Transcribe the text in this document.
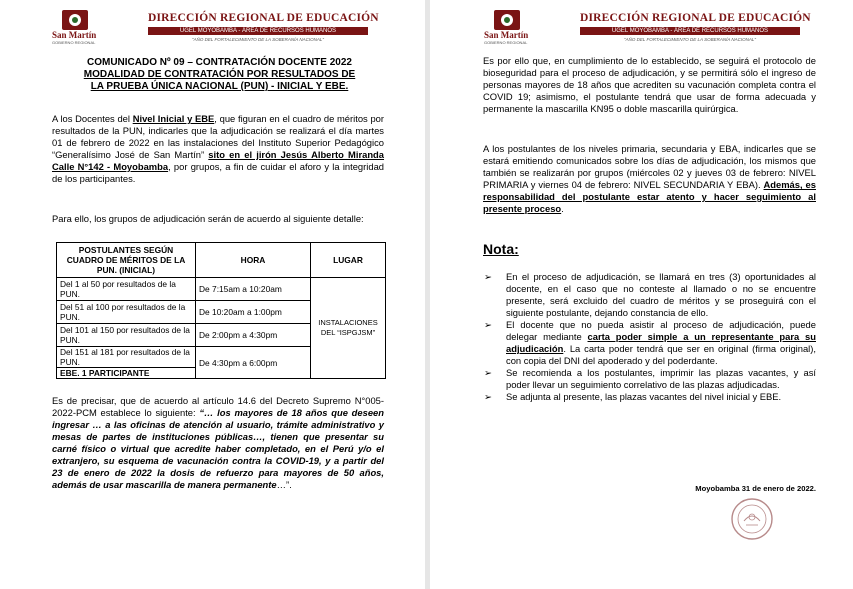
San Martín
GOBIERNO REGIONAL
DIRECCIÓN REGIONAL DE EDUCACIÓN
UGEL MOYOBAMBA - ÁREA DE RECURSOS HUMANOS
"AÑO DEL FORTALECIMIENTO DE LA SOBERANÍA NACIONAL"
COMUNICADO Nº 09 – CONTRATACIÓN DOCENTE 2022
MODALIDAD DE CONTRATACIÓN POR RESULTADOS DE
LA PRUEBA ÚNICA NACIONAL (PUN) - INICIAL Y EBE.

A los Docentes del Nivel Inicial y EBE, que figuran en el cuadro de méritos por resultados de la PUN, indicarles que la adjudicación se realizará el día martes 01 de febrero de 2022 en las instalaciones del Instituto Superior Pedagógico “Generalísimo José de San Martín” sito en el jirón Jesús Alberto Miranda Calle N°142 - Moyobamba, por grupos, a fin de cuidar el aforo y la integridad de los participantes.

Para ello, los grupos de adjudicación serán de acuerdo al siguiente detalle:

POSTULANTES SEGÚN CUADRO DE MÉRITOS DE LA PUN. (INICIAL)	HORA	LUGAR
Del 1 al 50 por resultados de la PUN.	De 7:15am a 10:20am	INSTALACIONES DEL “ISPGJSM”
Del 51 al 100 por resultados de la PUN.	De 10:20am a 1:00pm	
Del 101 al 150 por resultados de la PUN.	De 2:00pm a 4:30pm	
Del 151 al 181 por resultados de la PUN.	De 4:30pm a 6:00pm	
EBE. 1 PARTICIPANTE		

Es de precisar, que de acuerdo al artículo 14.6 del Decreto Supremo N°005-2022-PCM establece lo siguiente: “… los mayores de 18 años que deseen ingresar … a las oficinas de atención al usuario, trámite administrativo y mesas de partes de instituciones públicas…, tienen que presentar su carné físico o virtual que acredite haber completado, en el Perú y/o el extranjero, su esquema de vacunación contra la COVID-19, y a partir del 23 de enero de 2022 la dosis de refuerzo para mayores de 50 años, además de usar mascarilla de manera permanente…”.

San Martín
GOBIERNO REGIONAL
DIRECCIÓN REGIONAL DE EDUCACIÓN
UGEL MOYOBAMBA - ÁREA DE RECURSOS HUMANOS
"AÑO DEL FORTALECIMIENTO DE LA SOBERANÍA NACIONAL"

Es por ello que, en cumplimiento de lo establecido, se seguirá el protocolo de bioseguridad para el proceso de adjudicación, y se permitirá sólo el ingreso de personas mayores de 18 años que acrediten su vacunación completa contra el COVID 19; asimismo, el postulante tendrá que usar de forma adecuada y permanente la mascarilla KN95 o doble mascarilla quirúrgica.

A los postulantes de los niveles primaria, secundaria y EBA, indicarles que se estará emitiendo comunicados sobre los días de adjudicación, los mismos que también se realizarán por grupos (miércoles 02 y jueves 03 de febrero: NIVEL PRIMARIA y viernes 04 de febrero: NIVEL SECUNDARIA Y EBA). Además, es responsabilidad del postulante estar atento y hacer seguimiento al presente proceso.

Nota:
➢ En el proceso de adjudicación, se llamará en tres (3) oportunidades al docente, en el caso que no conteste al llamado o no se encuentre presente, será excluido del cuadro de méritos y se proseguirá con el siguiente postulante, dejando constancia de ello.
➢ El docente que no pueda asistir al proceso de adjudicación, puede delegar mediante carta poder simple a un representante para su adjudicación. La carta poder tendrá que ser en original (firma original), con copia del DNI del apoderado y del poderdante.
➢ Se recomienda a los postulantes, imprimir las plazas vacantes, y así poder llevar un seguimiento correlativo de las plazas adjudicadas.
➢ Se adjunta al presente, las plazas vacantes del nivel inicial y EBE.
Moyobamba 31 de enero de 2022.
